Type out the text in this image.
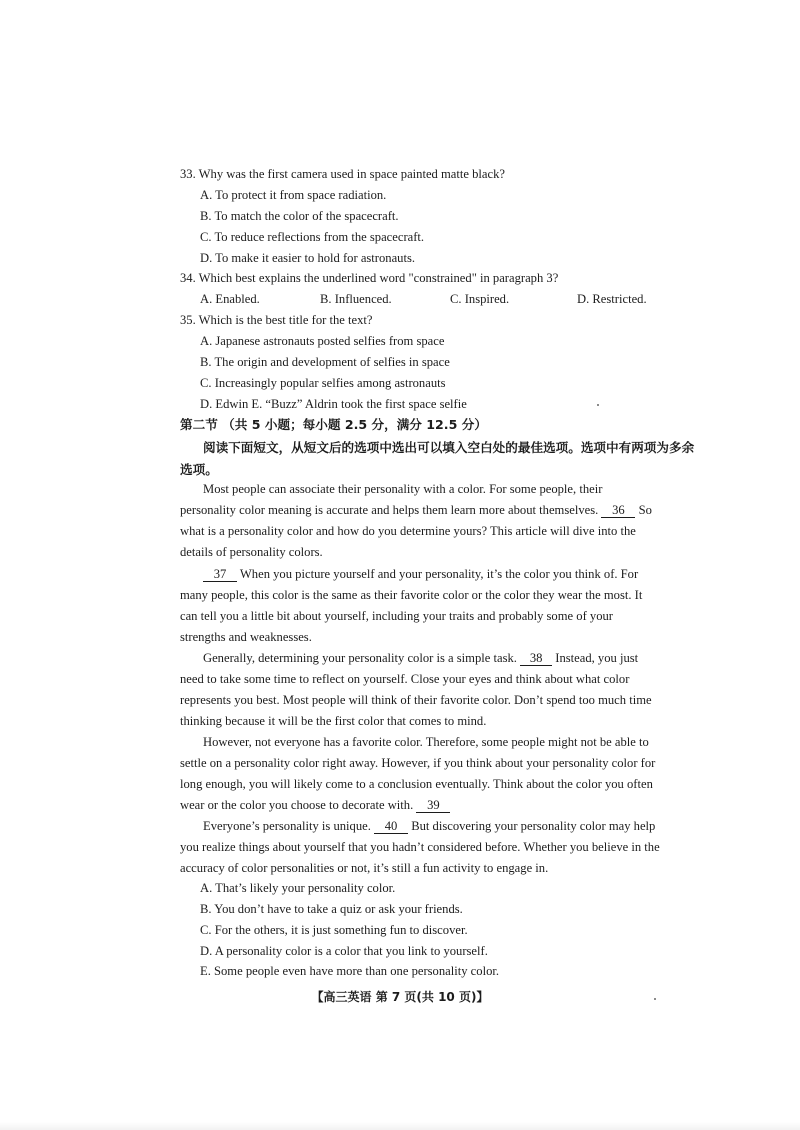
33. Why was the first camera used in space painted matte black?
A. To protect it from space radiation.
B. To match the color of the spacecraft.
C. To reduce reflections from the spacecraft.
D. To make it easier to hold for astronauts.
34. Which best explains the underlined word "constrained" in paragraph 3?
A. Enabled.	B. Influenced.	C. Inspired.	D. Restricted.
35. Which is the best title for the text?
A. Japanese astronauts posted selfies from space
B. The origin and development of selfies in space
C. Increasingly popular selfies among astronauts
D. Edwin E. “Buzz” Aldrin took the first space selfie
第二节 （共 5 小题；每小题 2.5 分，满分 12.5 分）
阅读下面短文，从短文后的选项中选出可以填入空白处的最佳选项。选项中有两项为多余
选项。
Most people can associate their personality with a color. For some people, their
personality color meaning is accurate and helps them learn more about themselves. 36 So
what is a personality color and how do you determine yours? This article will dive into the
details of personality colors.
37 When you picture yourself and your personality, it’s the color you think of. For
many people, this color is the same as their favorite color or the color they wear the most. It
can tell you a little bit about yourself, including your traits and probably some of your
strengths and weaknesses.
Generally, determining your personality color is a simple task. 38 Instead, you just
need to take some time to reflect on yourself. Close your eyes and think about what color
represents you best. Most people will think of their favorite color. Don’t spend too much time
thinking because it will be the first color that comes to mind.
However, not everyone has a favorite color. Therefore, some people might not be able to
settle on a personality color right away. However, if you think about your personality color for
long enough, you will likely come to a conclusion eventually. Think about the color you often
wear or the color you choose to decorate with. 39
Everyone’s personality is unique. 40 But discovering your personality color may help
you realize things about yourself that you hadn’t considered before. Whether you believe in the
accuracy of color personalities or not, it’s still a fun activity to engage in.
A. That’s likely your personality color.
B. You don’t have to take a quiz or ask your friends.
C. For the others, it is just something fun to discover.
D. A personality color is a color that you link to yourself.
E. Some people even have more than one personality color.
【高三英语 第 7 页(共 10 页)】
